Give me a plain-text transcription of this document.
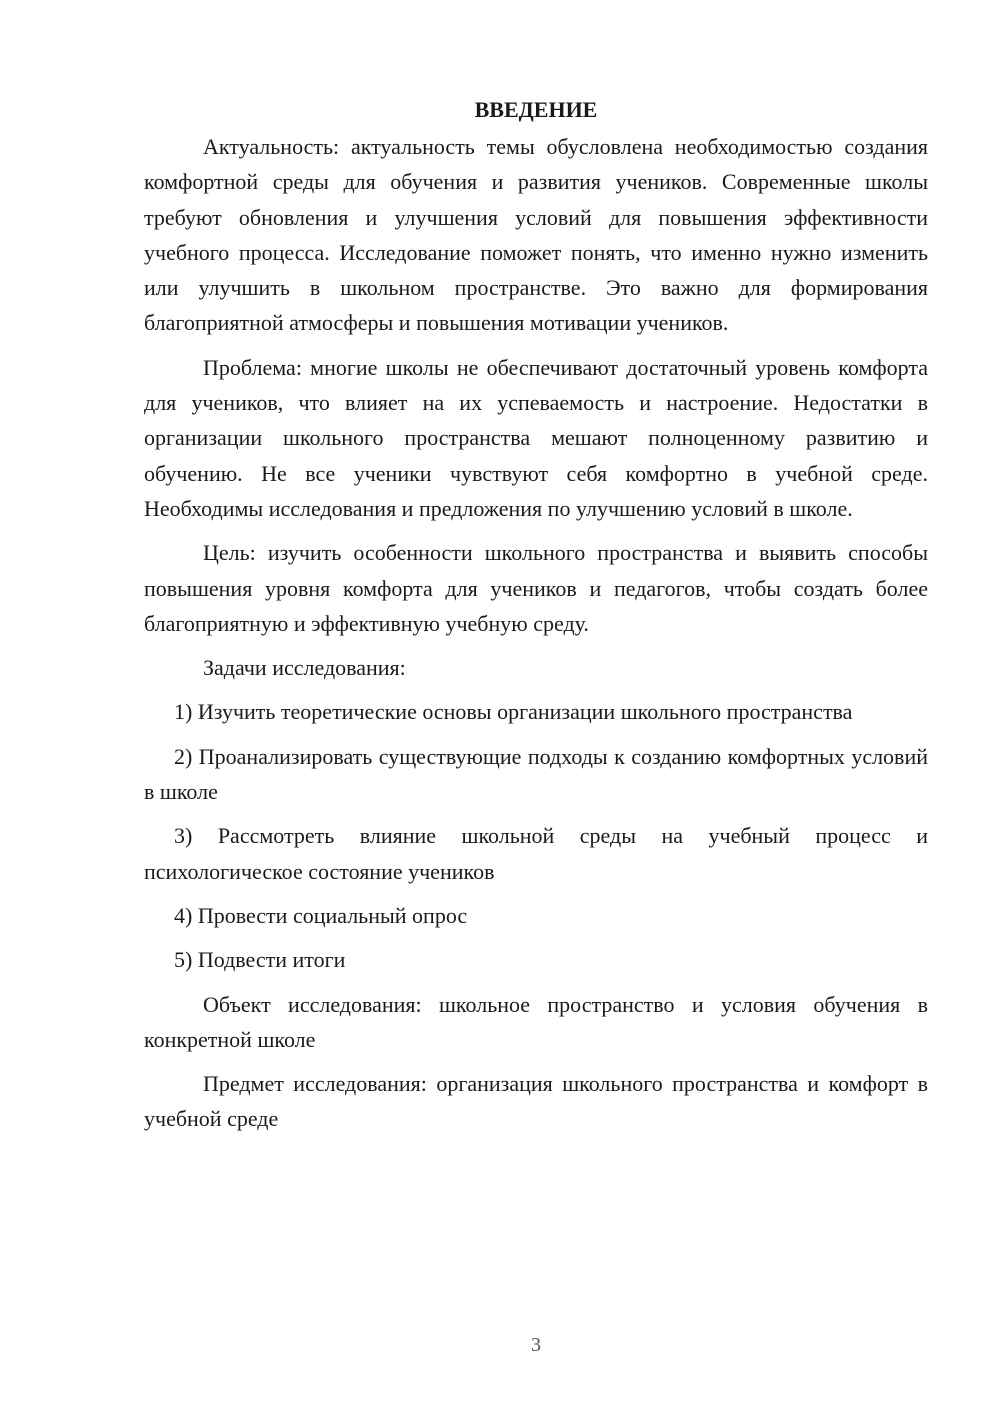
ВВЕДЕНИЕ

Актуальность: актуальность темы обусловлена необходимостью создания комфортной среды для обучения и развития учеников. Современные школы требуют обновления и улучшения условий для повышения эффективности учебного процесса. Исследование поможет понять, что именно нужно изменить или улучшить в школьном пространстве. Это важно для формирования благоприятной атмосферы и повышения мотивации учеников.

Проблема: многие школы не обеспечивают достаточный уровень комфорта для учеников, что влияет на их успеваемость и настроение. Недостатки в организации школьного пространства мешают полноценному развитию и обучению. Не все ученики чувствуют себя комфортно в учебной среде. Необходимы исследования и предложения по улучшению условий в школе.

Цель: изучить особенности школьного пространства и выявить способы повышения уровня комфорта для учеников и педагогов, чтобы создать более благоприятную и эффективную учебную среду.

Задачи исследования:

1) Изучить теоретические основы организации школьного пространства

2) Проанализировать существующие подходы к созданию комфортных условий в школе

3) Рассмотреть влияние школьной среды на учебный процесс и психологическое состояние учеников

4) Провести социальный опрос

5) Подвести итоги

Объект исследования: школьное пространство и условия обучения в конкретной школе

Предмет исследования: организация школьного пространства и комфорт в учебной среде

3
